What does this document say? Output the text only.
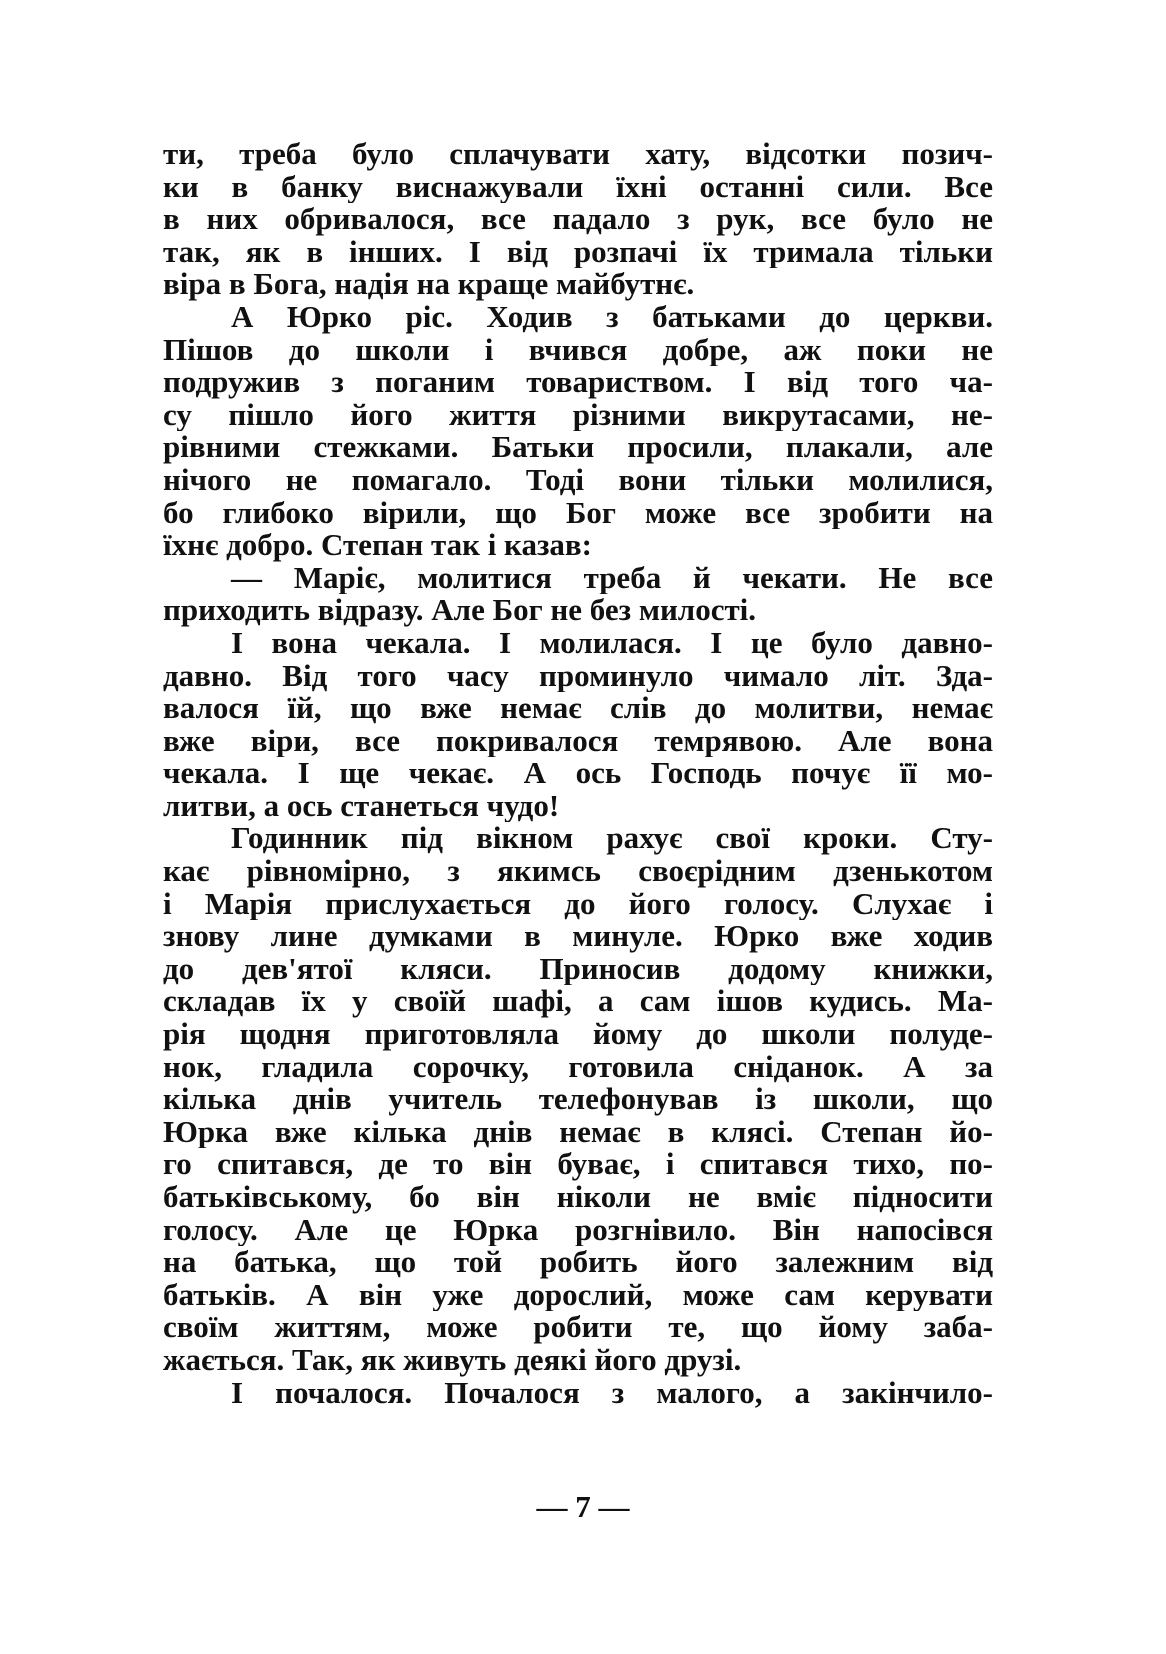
ти, треба було сплачувати хату, відсотки позич-
ки в банку виснажували їхні останні сили. Все
в них обривалося, все падало з рук, все було не
так, як в інших. І від розпачі їх тримала тільки
віра в Бога, надія на краще майбутнє.
А Юрко ріс. Ходив з батьками до церкви.
Пішов до школи і вчився добре, аж поки не
подружив з поганим товариством. І від того ча-
су пішло його життя різними викрутасами, не-
рівними стежками. Батьки просили, плакали, але
нічого не помагало. Тоді вони тільки молилися,
бо глибоко вірили, що Бог може все зробити на
їхнє добро. Степан так і казав:
— Маріє, молитися треба й чекати. Не все
приходить відразу. Але Бог не без милості.
І вона чекала. І молилася. І це було давно-
давно. Від того часу проминуло чимало літ. Зда-
валося їй, що вже немає слів до молитви, немає
вже віри, все покривалося темрявою. Але вона
чекала. І ще чекає. А ось Господь почує її мо-
литви, а ось станеться чудо!
Годинник під вікном рахує свої кроки. Сту-
кає рівномірно, з якимсь своєрідним дзенькотом
і Марія прислухається до його голосу. Слухає і
знову лине думками в минуле. Юрко вже ходив
до дев'ятої кляси. Приносив додому книжки,
складав їх у своїй шафі, а сам ішов кудись. Ма-
рія щодня приготовляла йому до школи полуде-
нок, гладила сорочку, готовила сніданок. А за
кілька днів учитель телефонував із школи, що
Юрка вже кілька днів немає в клясі. Степан йо-
го спитався, де то він буває, і спитався тихо, по-
батьківському, бо він ніколи не вміє підносити
голосу. Але це Юрка розгнівило. Він напосівся
на батька, що той робить його залежним від
батьків. А він уже дорослий, може сам керувати
своїм життям, може робити те, що йому заба-
жається. Так, як живуть деякі його друзі.
І почалося. Почалося з малого, а закінчило-
— 7 —
